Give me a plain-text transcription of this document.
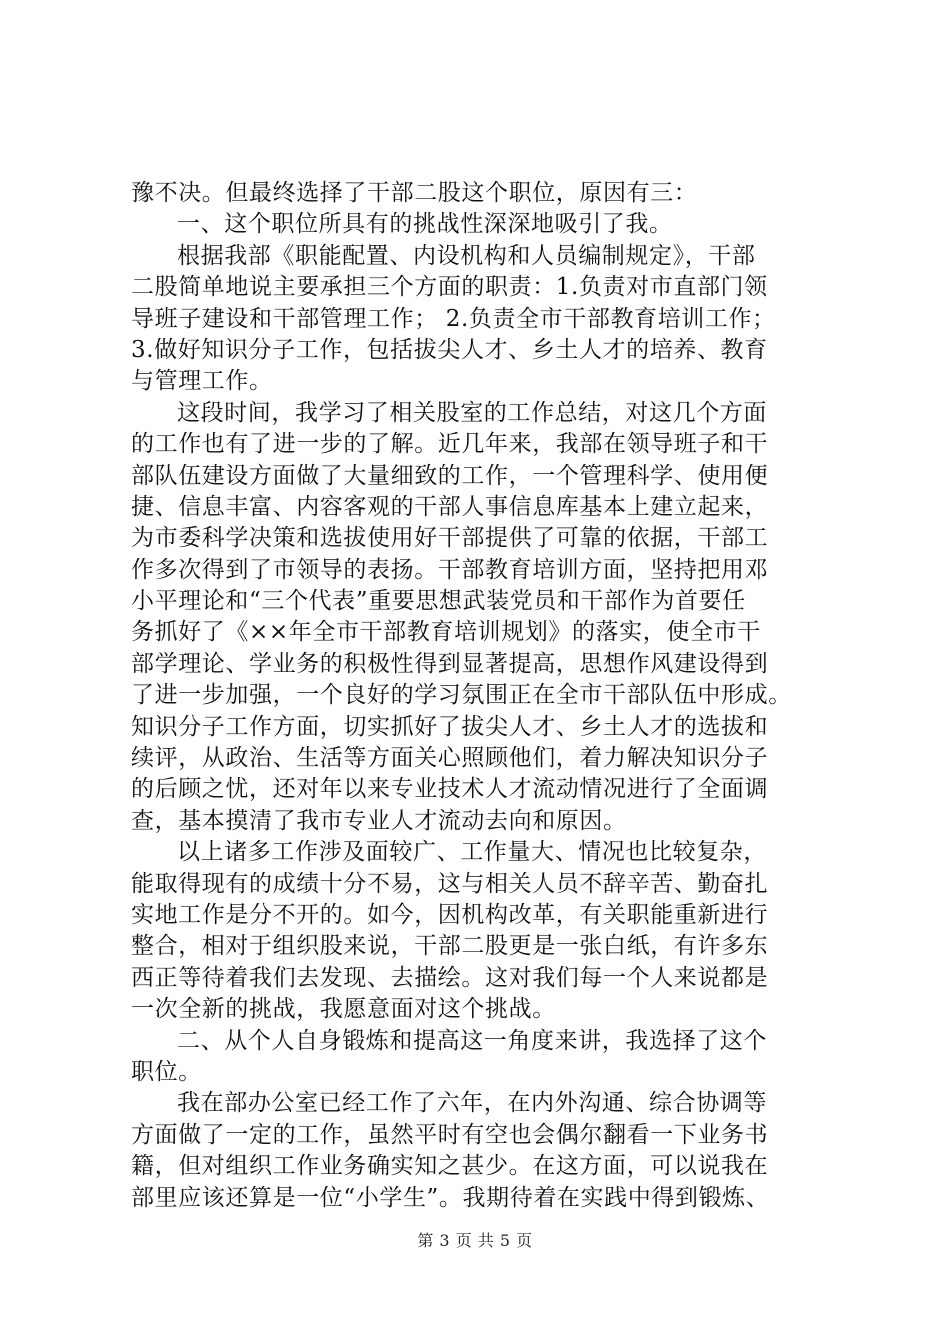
豫不决。但最终选择了干部二股这个职位，原因有三：
一、这个职位所具有的挑战性深深地吸引了我。
根据我部《职能配置、内设机构和人员编制规定》，干部
二股简单地说主要承担三个方面的职责：1.负责对市直部门领
导班子建设和干部管理工作； 2.负责全市干部教育培训工作；
3.做好知识分子工作，包括拔尖人才、乡土人才的培养、教育
与管理工作。
这段时间，我学习了相关股室的工作总结，对这几个方面
的工作也有了进一步的了解。近几年来，我部在领导班子和干
部队伍建设方面做了大量细致的工作，一个管理科学、使用便
捷、信息丰富、内容客观的干部人事信息库基本上建立起来，
为市委科学决策和选拔使用好干部提供了可靠的依据，干部工
作多次得到了市领导的表扬。干部教育培训方面，坚持把用邓
小平理论和“三个代表”重要思想武装党员和干部作为首要任
务抓好了《××年全市干部教育培训规划》的落实，使全市干
部学理论、学业务的积极性得到显著提高，思想作风建设得到
了进一步加强，一个良好的学习氛围正在全市干部队伍中形成。
知识分子工作方面，切实抓好了拔尖人才、乡土人才的选拔和
续评，从政治、生活等方面关心照顾他们，着力解决知识分子
的后顾之忧，还对年以来专业技术人才流动情况进行了全面调
查，基本摸清了我市专业人才流动去向和原因。
以上诸多工作涉及面较广、工作量大、情况也比较复杂，
能取得现有的成绩十分不易，这与相关人员不辞辛苦、勤奋扎
实地工作是分不开的。如今，因机构改革，有关职能重新进行
整合，相对于组织股来说，干部二股更是一张白纸，有许多东
西正等待着我们去发现、去描绘。这对我们每一个人来说都是
一次全新的挑战，我愿意面对这个挑战。
二、从个人自身锻炼和提高这一角度来讲，我选择了这个
职位。
我在部办公室已经工作了六年，在内外沟通、综合协调等
方面做了一定的工作，虽然平时有空也会偶尔翻看一下业务书
籍，但对组织工作业务确实知之甚少。在这方面，可以说我在
部里应该还算是一位“小学生”。我期待着在实践中得到锻炼、
第 3 页 共 5 页
